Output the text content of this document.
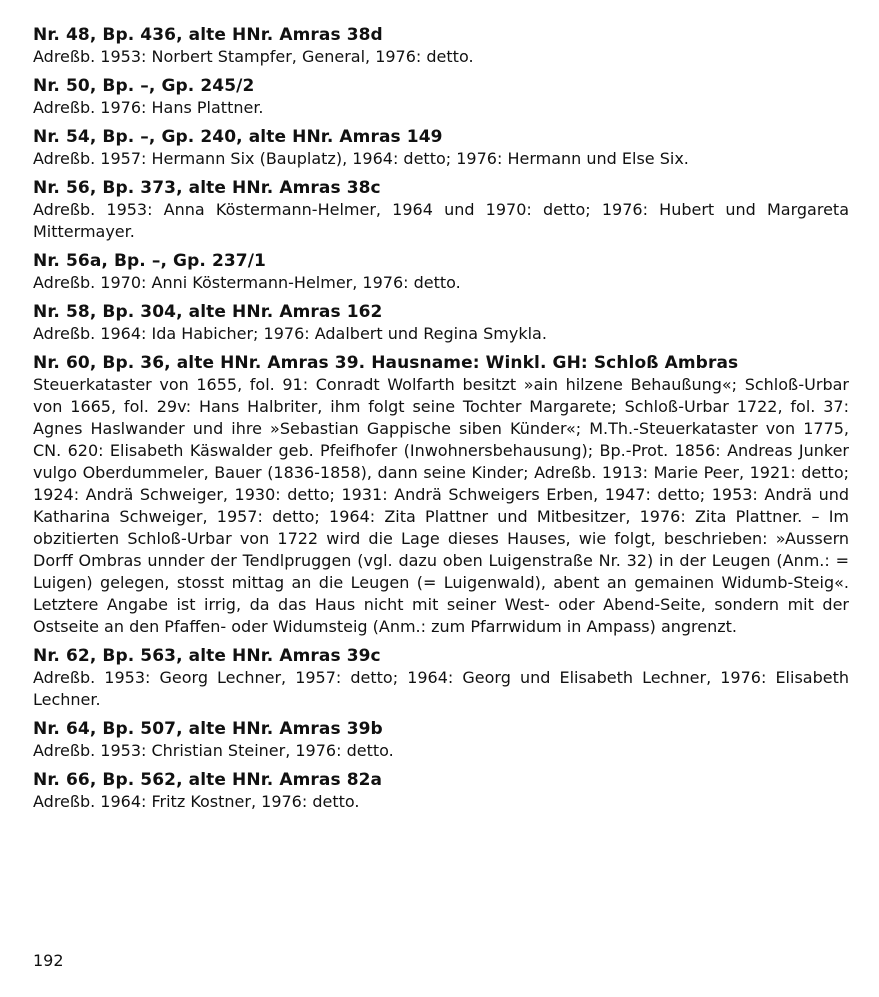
Nr. 48, Bp. 436, alte HNr. Amras 38d

Adreßb. 1953: Norbert Stampfer, General, 1976: detto.

Nr. 50, Bp. –, Gp. 245/2

Adreßb. 1976: Hans Plattner.

Nr. 54, Bp. –, Gp. 240, alte HNr. Amras 149

Adreßb. 1957: Hermann Six (Bauplatz), 1964: detto; 1976: Hermann und Else Six.

Nr. 56, Bp. 373, alte HNr. Amras 38c

Adreßb. 1953: Anna Köstermann-Helmer, 1964 und 1970: detto; 1976: Hubert und Margareta Mittermayer.

Nr. 56a, Bp. –, Gp. 237/1

Adreßb. 1970: Anni Köstermann-Helmer, 1976: detto.

Nr. 58, Bp. 304, alte HNr. Amras 162

Adreßb. 1964: Ida Habicher; 1976: Adalbert und Regina Smykla.

Nr. 60, Bp. 36, alte HNr. Amras 39. Hausname: Winkl. GH: Schloß Ambras

Steuerkataster von 1655, fol. 91: Conradt Wolfarth besitzt »ain hilzene Behaußung«; Schloß-Urbar von 1665, fol. 29v: Hans Halbriter, ihm folgt seine Tochter Margarete; Schloß-Urbar 1722, fol. 37: Agnes Haslwander und ihre »Sebastian Gappische siben Künder«; M.Th.-Steuerkataster von 1775, CN. 620: Elisabeth Käswalder geb. Pfeifhofer (Inwohnersbehausung); Bp.-Prot. 1856: Andreas Junker vulgo Oberdummeler, Bauer (1836-1858), dann seine Kinder; Adreßb. 1913: Marie Peer, 1921: detto; 1924: Andrä Schweiger, 1930: detto; 1931: Andrä Schweigers Erben, 1947: detto; 1953: Andrä und Katharina Schweiger, 1957: detto; 1964: Zita Plattner und Mitbesitzer, 1976: Zita Plattner. – Im obzitierten Schloß-Urbar von 1722 wird die Lage dieses Hauses, wie folgt, beschrieben: »Aussern Dorff Ombras unnder der Tendlpruggen (vgl. dazu oben Luigenstraße Nr. 32) in der Leugen (Anm.: = Luigen) gelegen, stosst mittag an die Leugen (= Luigenwald), abent an gemainen Widumb-Steig«. Letztere Angabe ist irrig, da das Haus nicht mit seiner West- oder Abend-Seite, sondern mit der Ostseite an den Pfaffen- oder Widumsteig (Anm.: zum Pfarrwidum in Ampass) angrenzt.

Nr. 62, Bp. 563, alte HNr. Amras 39c

Adreßb. 1953: Georg Lechner, 1957: detto; 1964: Georg und Elisabeth Lechner, 1976: Elisabeth Lechner.

Nr. 64, Bp. 507, alte HNr. Amras 39b

Adreßb. 1953: Christian Steiner, 1976: detto.

Nr. 66, Bp. 562, alte HNr. Amras 82a

Adreßb. 1964: Fritz Kostner, 1976: detto.

192
